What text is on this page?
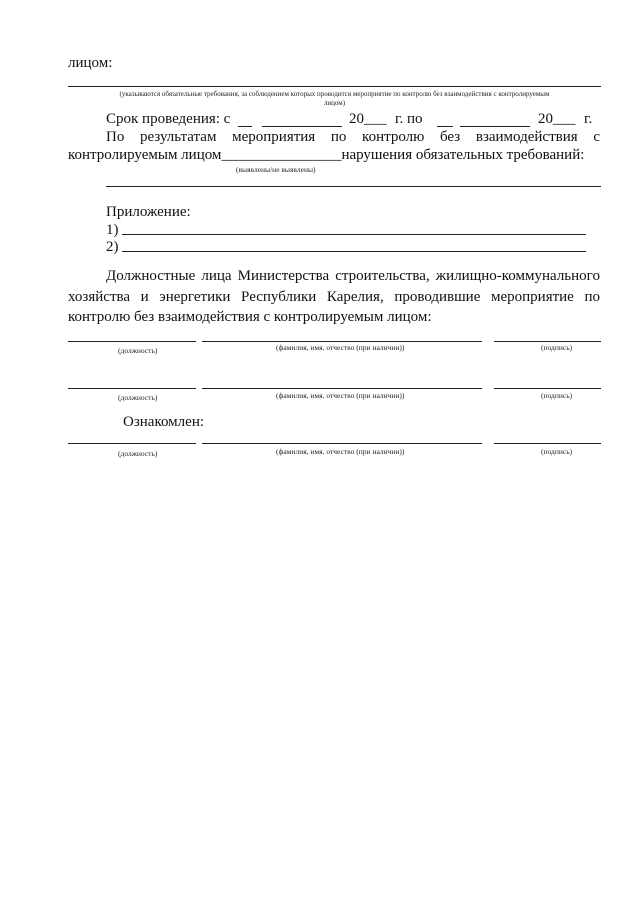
лицом:
(указываются обязательные требования, за соблюдением которых проводится мероприятие по контролю без взаимодействия с контролируемым
лицом)
Срок проведения: с	20___ г. по	20___ г.
По результатам мероприятия по контролю без взаимодействия с
контролируемым лицом________________нарушения обязательных требований:
(выявлены/не выявлены)
Приложение:
1)
2)
Должностные лица Министерства строительства, жилищно-коммунального
хозяйства и энергетики Республики Карелия, проводившие мероприятие по
контролю без взаимодействия с контролируемым лицом:
(должность)	(фамилия, имя, отчество (при наличии))	(подпись)
(должность)	(фамилия, имя, отчество (при наличии))	(подпись)
Ознакомлен:
(должность)	(фамилия, имя, отчество (при наличии))	(подпись)
